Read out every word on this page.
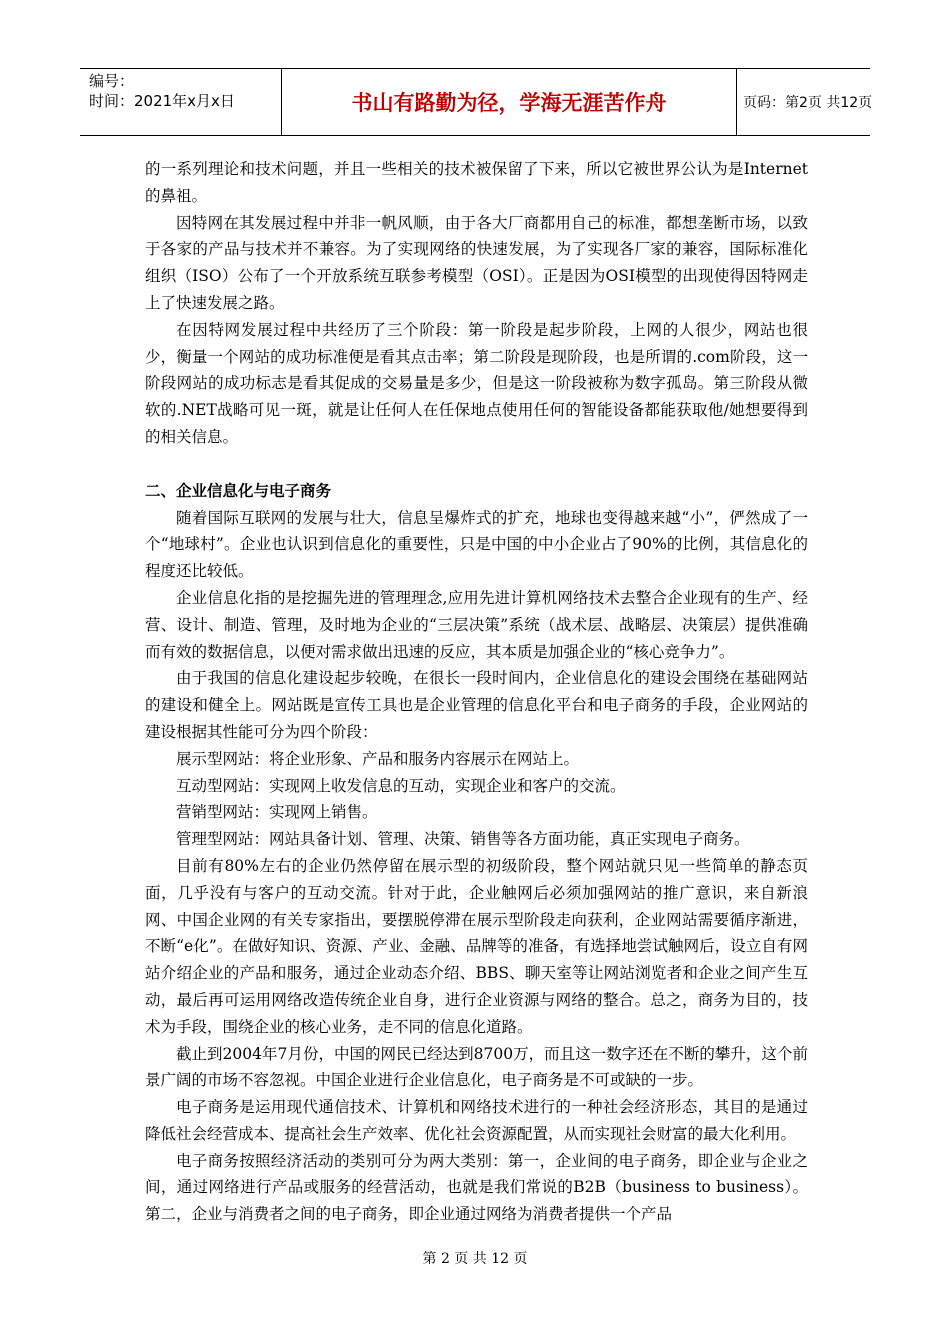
编号：
时间：2021年x月x日	书山有路勤为径，学海无涯苦作舟	页码：第2页 共12页

的一系列理论和技术问题，并且一些相关的技术被保留了下来，所以它被世界公认为是Internet的鼻祖。

因特网在其发展过程中并非一帆风顺，由于各大厂商都用自己的标准，都想垄断市场，以致于各家的产品与技术并不兼容。为了实现网络的快速发展，为了实现各厂家的兼容，国际标准化组织（ISO）公布了一个开放系统互联参考模型（OSI）。正是因为OSI模型的出现使得因特网走上了快速发展之路。

在因特网发展过程中共经历了三个阶段：第一阶段是起步阶段，上网的人很少，网站也很少，衡量一个网站的成功标准便是看其点击率；第二阶段是现阶段，也是所谓的.com阶段，这一阶段网站的成功标志是看其促成的交易量是多少，但是这一阶段被称为数字孤岛。第三阶段从微软的.NET战略可见一斑，就是让任何人在任保地点使用任何的智能设备都能获取他/她想要得到的相关信息。

二、企业信息化与电子商务

随着国际互联网的发展与壮大，信息呈爆炸式的扩充，地球也变得越来越“小”，俨然成了一个“地球村”。企业也认识到信息化的重要性，只是中国的中小企业占了90%的比例，其信息化的程度还比较低。

企业信息化指的是挖掘先进的管理理念,应用先进计算机网络技术去整合企业现有的生产、经营、设计、制造、管理，及时地为企业的“三层决策”系统（战术层、战略层、决策层）提供准确而有效的数据信息，以便对需求做出迅速的反应，其本质是加强企业的“核心竞争力”。

由于我国的信息化建设起步较晚，在很长一段时间内，企业信息化的建设会围绕在基础网站的建设和健全上。网站既是宣传工具也是企业管理的信息化平台和电子商务的手段，企业网站的建设根据其性能可分为四个阶段：

展示型网站：将企业形象、产品和服务内容展示在网站上。

互动型网站：实现网上收发信息的互动，实现企业和客户的交流。

营销型网站：实现网上销售。

管理型网站：网站具备计划、管理、决策、销售等各方面功能，真正实现电子商务。

目前有80%左右的企业仍然停留在展示型的初级阶段，整个网站就只见一些简单的静态页面，几乎没有与客户的互动交流。针对于此，企业触网后必须加强网站的推广意识，来自新浪网、中国企业网的有关专家指出，要摆脱停滞在展示型阶段走向获利，企业网站需要循序渐进，不断“e化”。在做好知识、资源、产业、金融、品牌等的准备，有选择地尝试触网后，设立自有网站介绍企业的产品和服务，通过企业动态介绍、BBS、聊天室等让网站浏览者和企业之间产生互动，最后再可运用网络改造传统企业自身，进行企业资源与网络的整合。总之，商务为目的，技术为手段，围绕企业的核心业务，走不同的信息化道路。

截止到2004年7月份，中国的网民已经达到8700万，而且这一数字还在不断的攀升，这个前景广阔的市场不容忽视。中国企业进行企业信息化，电子商务是不可或缺的一步。

电子商务是运用现代通信技术、计算机和网络技术进行的一种社会经济形态，其目的是通过降低社会经营成本、提高社会生产效率、优化社会资源配置，从而实现社会财富的最大化利用。

电子商务按照经济活动的类别可分为两大类别：第一，企业间的电子商务，即企业与企业之间，通过网络进行产品或服务的经营活动，也就是我们常说的B2B（business to business）。第二，企业与消费者之间的电子商务，即企业通过网络为消费者提供一个产品

第 2 页 共 12 页
